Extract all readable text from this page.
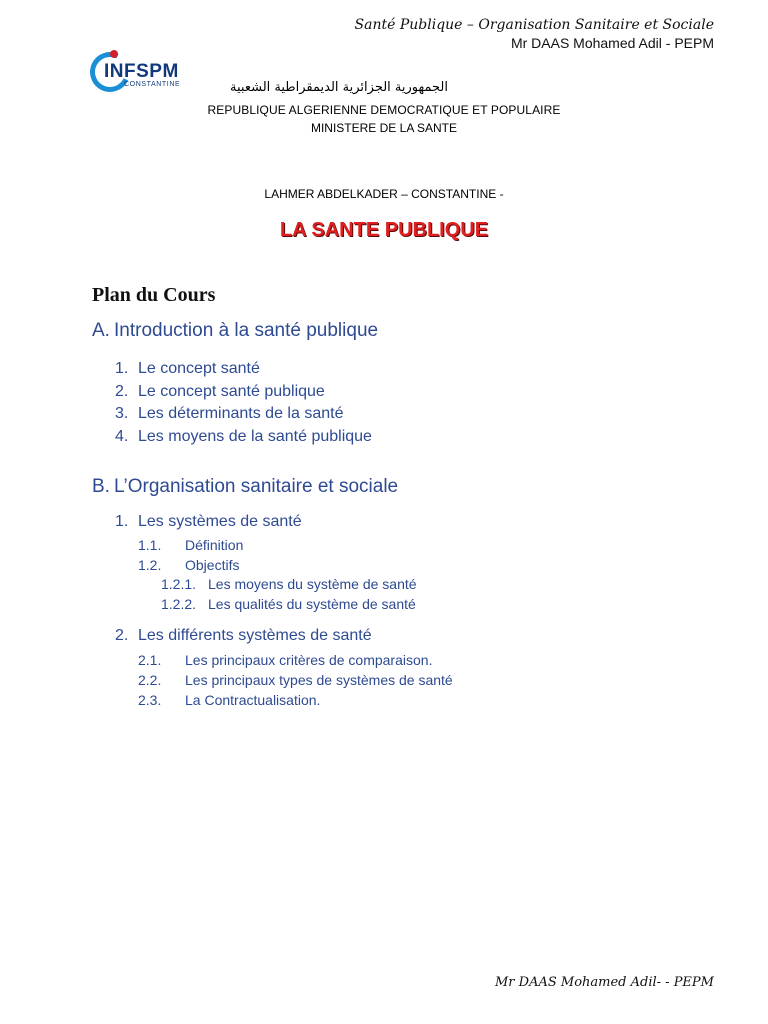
Santé Publique – Organisation Sanitaire et Sociale
Mr DAAS Mohamed Adil - PEPM
INFSPM
CONSTANTINE	الجمهورية الجزائرية الديمقراطية الشعبية
REPUBLIQUE ALGERIENNE DEMOCRATIQUE ET POPULAIRE
MINISTERE DE LA SANTE
LAHMER ABDELKADER – CONSTANTINE -
LA SANTE PUBLIQUE
Plan du Cours
A. Introduction à la santé publique
1. Le concept santé
2. Le concept santé publique
3. Les déterminants de la santé
4. Les moyens de la santé publique
B. L’Organisation sanitaire et sociale
1. Les systèmes de santé
1.1. Définition
1.2. Objectifs
1.2.1. Les moyens du système de santé
1.2.2. Les qualités du système de santé
2. Les différents systèmes de santé
2.1. Les principaux critères de comparaison.
2.2. Les principaux types de systèmes de santé
2.3. La Contractualisation.
Mr DAAS Mohamed Adil- - PEPM
